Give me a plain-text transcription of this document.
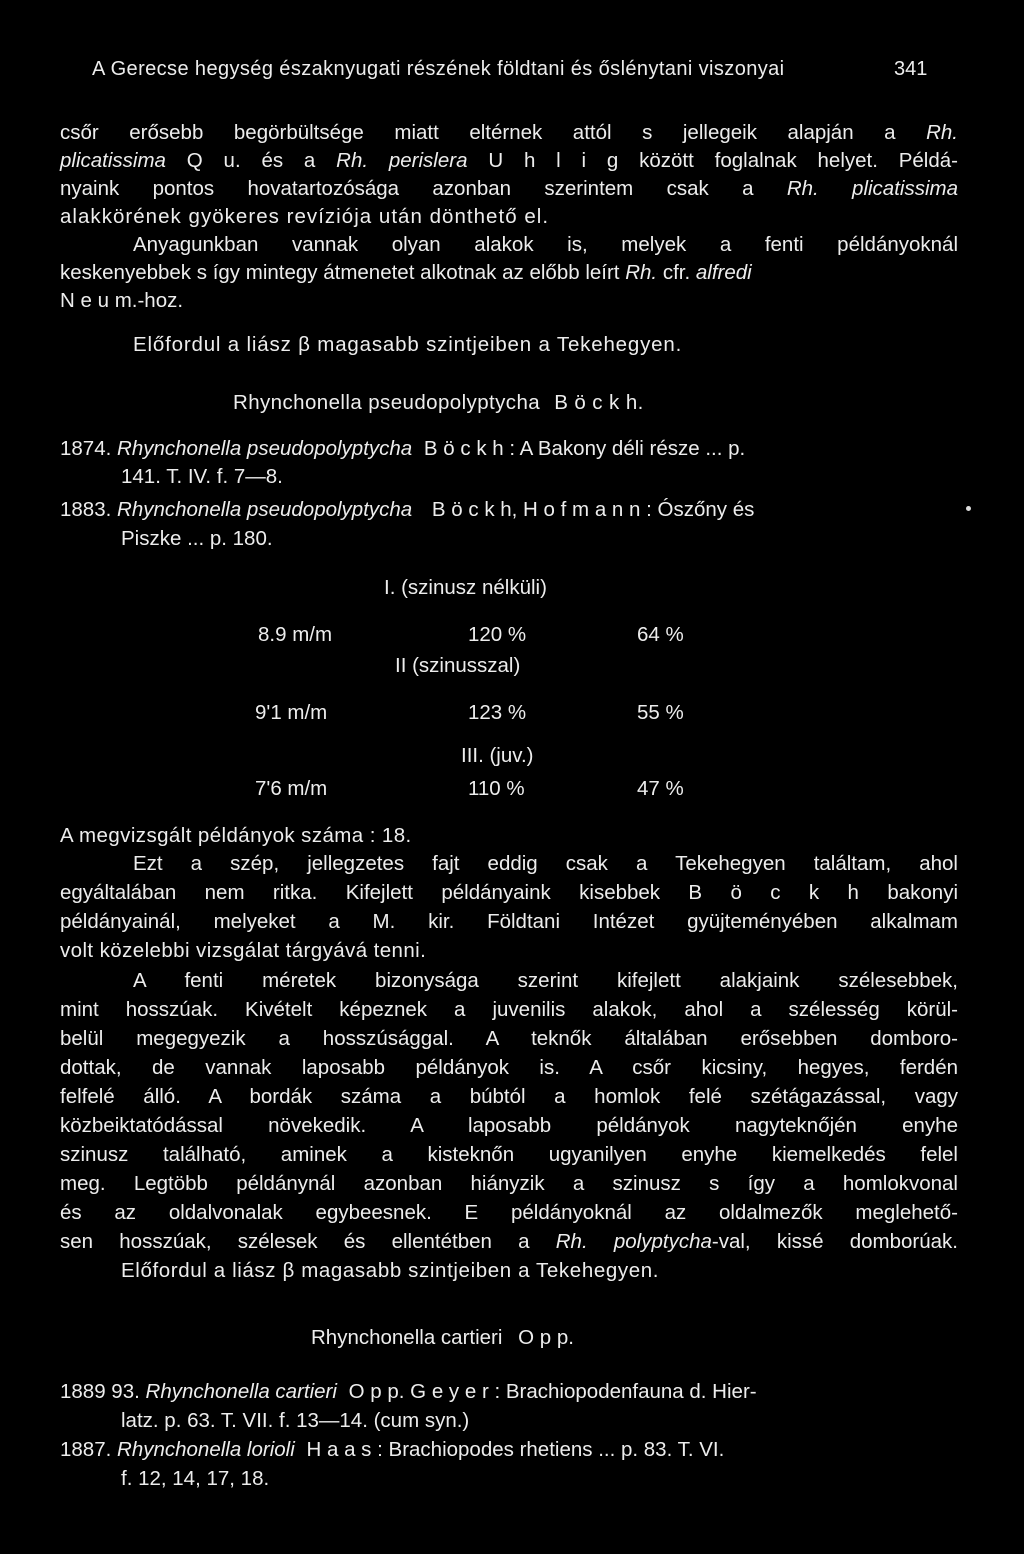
A Gerecse hegység északnyugati részének földtani és őslénytani viszonyai	341
csőr erősebb begörbültsége miatt eltérnek attól s jellegeik alapján a Rh.
plicatissima Q u. és a Rh. perislera U h l i g között foglalnak helyet. Példá-
nyaink pontos hovatartozósága azonban szerintem csak a Rh. plicatissima
alakkörének gyökeres revíziója után dönthető el.
Anyagunkban vannak olyan alakok is, melyek a fenti példányoknál
keskenyebbek s így mintegy átmenetet alkotnak az előbb leírt Rh. cfr. alfredi
N e u m.-hoz.
Előfordul a liász β magasabb szintjeiben a Tekehegyen.
Rhynchonella pseudopolyptycha B ö c k h.
1874. Rhynchonella pseudopolyptycha B ö c k h : A Bakony déli része ... p.
141. T. IV. f. 7—8.
1883. Rhynchonella pseudopolyptycha B ö c k h, H o f m a n n : Ószőny és
Piszke ... p. 180.
I. (szinusz nélküli)
8.9 m/m	120 %	64 %
II (szinusszal)
9'1 m/m	123 %	55 %
III. (juv.)
7'6 m/m	110 %	47 %
A megvizsgált példányok száma : 18.
Ezt a szép, jellegzetes fajt eddig csak a Tekehegyen találtam, ahol
egyáltalában nem ritka. Kifejlett példányaink kisebbek B ö c k h bakonyi
példányainál, melyeket a M. kir. Földtani Intézet gyüjteményében alkalmam
volt közelebbi vizsgálat tárgyává tenni.
A fenti méretek bizonysága szerint kifejlett alakjaink szélesebbek,
mint hosszúak. Kivételt képeznek a juvenilis alakok, ahol a szélesség körül-
belül megegyezik a hosszúsággal. A teknők általában erősebben domboro-
dottak, de vannak laposabb példányok is. A csőr kicsiny, hegyes, ferdén
felfelé álló. A bordák száma a búbtól a homlok felé szétágazással, vagy
közbeiktatódással növekedik. A laposabb példányok nagyteknőjén enyhe
szinusz található, aminek a kisteknőn ugyanilyen enyhe kiemelkedés felel
meg. Legtöbb példánynál azonban hiányzik a szinusz s így a homlokvonal
és az oldalvonalak egybeesnek. E példányoknál az oldalmezők meglehető-
sen hosszúak, szélesek és ellentétben a Rh. polyptycha-val, kissé domborúak.
Előfordul a liász β magasabb szintjeiben a Tekehegyen.
Rhynchonella cartieri O p p.
1889 93. Rhynchonella cartieri O p p. G e y e r : Brachiopodenfauna d. Hier-
latz. p. 63. T. VII. f. 13—14. (cum syn.)
1887. Rhynchonella lorioli H a a s : Brachiopodes rhetiens ... p. 83. T. VI.
f. 12, 14, 17, 18.
